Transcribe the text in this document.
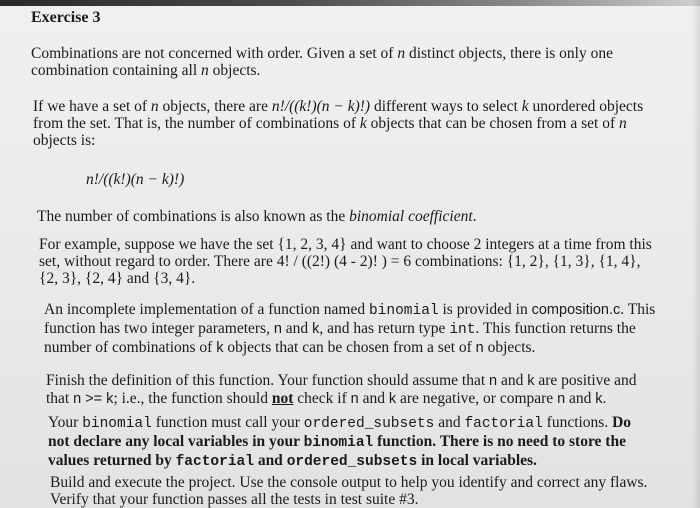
Exercise 3

Combinations are not concerned with order. Given a set of n distinct objects, there is only one combination containing all n objects.

If we have a set of n objects, there are n!/((k!)(n − k)!) different ways to select k unordered objects from the set. That is, the number of combinations of k objects that can be chosen from a set of n objects is:

n!/((k!)(n − k)!)

The number of combinations is also known as the binomial coefficient.

For example, suppose we have the set {1, 2, 3, 4} and want to choose 2 integers at a time from this set, without regard to order. There are 4! / ((2!) (4 - 2)! ) = 6 combinations: {1, 2}, {1, 3}, {1, 4}, {2, 3}, {2, 4} and {3, 4}.

An incomplete implementation of a function named binomial is provided in composition.c. This function has two integer parameters, n and k, and has return type int. This function returns the number of combinations of k objects that can be chosen from a set of n objects.

Finish the definition of this function. Your function should assume that n and k are positive and that n >= k; i.e., the function should not check if n and k are negative, or compare n and k.

Your binomial function must call your ordered_subsets and factorial functions. Do not declare any local variables in your binomial function. There is no need to store the values returned by factorial and ordered_subsets in local variables.

Build and execute the project. Use the console output to help you identify and correct any flaws. Verify that your function passes all the tests in test suite #3.
